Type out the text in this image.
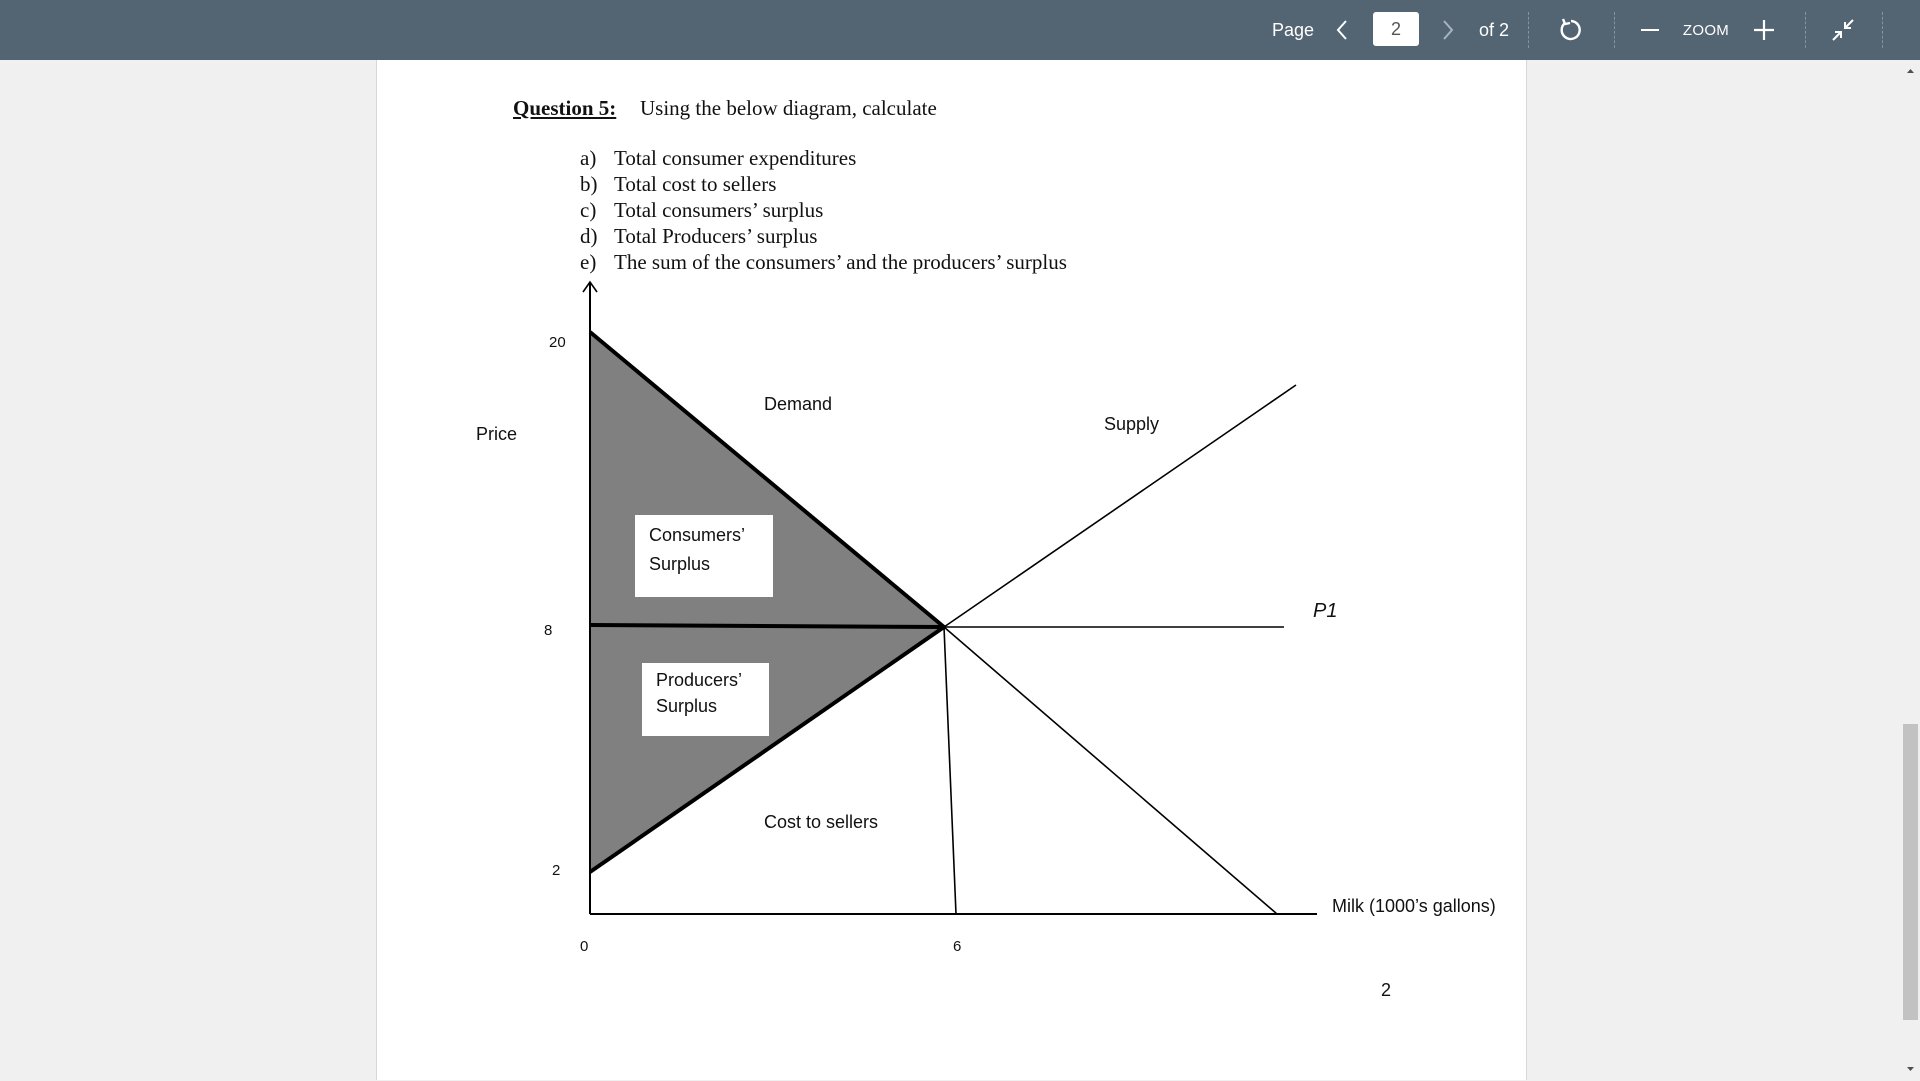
Page	2	of 2	ZOOM
Question 5: Using the below diagram, calculate
a) Total consumer expenditures
b) Total cost to sellers
c) Total consumers’ surplus
d) Total Producers’ surplus
e) The sum of the consumers’ and the producers’ surplus
Price
Milk (1000’s gallons)
Demand
Supply
P1
Cost to sellers
Consumers’
Surplus
Producers’
Surplus
20
8
2
0	6
2
